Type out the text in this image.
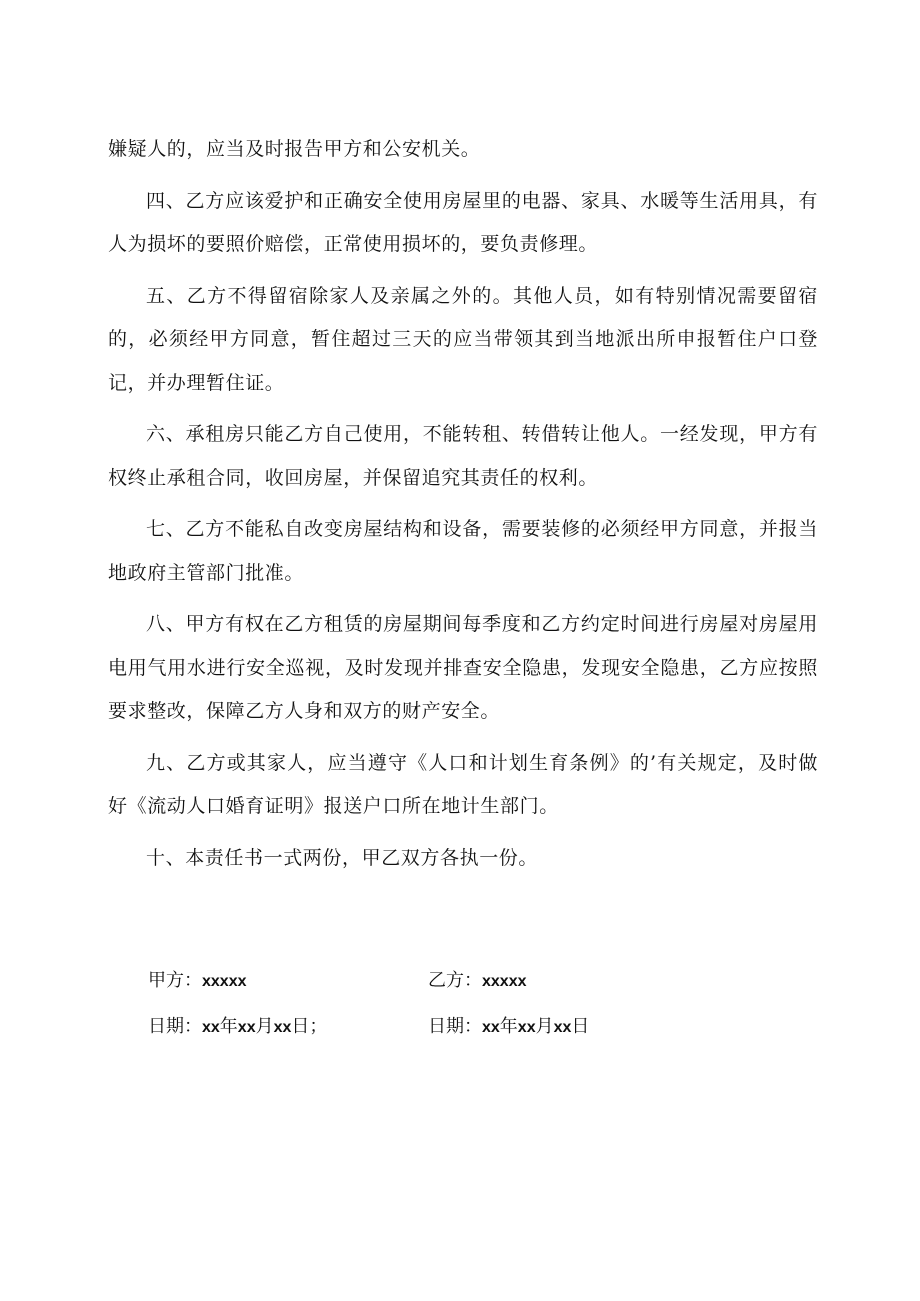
嫌疑人的，应当及时报告甲方和公安机关。

四、乙方应该爱护和正确安全使用房屋里的电器、家具、水暖等生活用具，有人为损坏的要照价赔偿，正常使用损坏的，要负责修理。

五、乙方不得留宿除家人及亲属之外的。其他人员，如有特别情况需要留宿的，必须经甲方同意，暂住超过三天的应当带领其到当地派出所申报暂住户口登记，并办理暂住证。

六、承租房只能乙方自己使用，不能转租、转借转让他人。一经发现，甲方有权终止承租合同，收回房屋，并保留追究其责任的权利。

七、乙方不能私自改变房屋结构和设备，需要装修的必须经甲方同意，并报当地政府主管部门批准。

八、甲方有权在乙方租赁的房屋期间每季度和乙方约定时间进行房屋对房屋用电用气用水进行安全巡视，及时发现并排查安全隐患，发现安全隐患，乙方应按照要求整改，保障乙方人身和双方的财产安全。

九、乙方或其家人，应当遵守《人口和计划生育条例》的’有关规定，及时做好《流动人口婚育证明》报送户口所在地计生部门。

十、本责任书一式两份，甲乙双方各执一份。

甲方：xxxxx	乙方：xxxxx
日期：xx年xx月xx日；	日期：xx年xx月xx日
